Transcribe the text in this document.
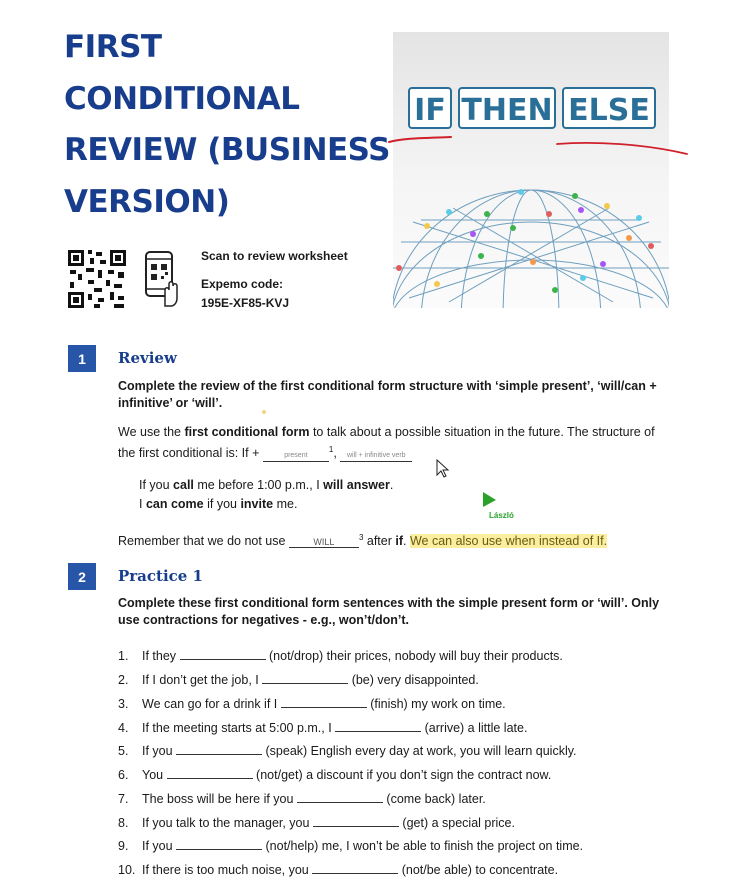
FIRST
CONDITIONAL
REVIEW (BUSINESS
VERSION)
IF THEN ELSE
Scan to review worksheet
Expemo code:
195E-XF85-KVJ
1	Review

Complete the review of the first conditional form structure with ‘simple present’, ‘will/can + infinitive’ or ‘will’.

We use the first conditional form to talk about a possible situation in the future. The structure of the first conditional is: If +	present$^1$, will + infinitive verb

If you call me before 1:00 p.m., I will answer.
I can come if you invite me.

Remember that we do not use	WILL	$^3$ after if. We can also use when instead of If.

László
2	Practice 1

Complete these first conditional form sentences with the simple present form or ‘will’. Only use contractions for negatives - e.g., won’t/don’t.

1. If they	(not/drop) their prices, nobody will buy their products.
2. If I don’t get the job, I	(be) very disappointed.
3. We can go for a drink if I	(finish) my work on time.
4. If the meeting starts at 5:00 p.m., I	(arrive) a little late.
5. If you	(speak) English every day at work, you will learn quickly.
6. You	(not/get) a discount if you don’t sign the contract now.
7. The boss will be here if you	(come back) later.
8. If you talk to the manager, you	(get) a special price.
9. If you	(not/help) me, I won’t be able to finish the project on time.
10. If there is too much noise, you	(not/be able) to concentrate.
